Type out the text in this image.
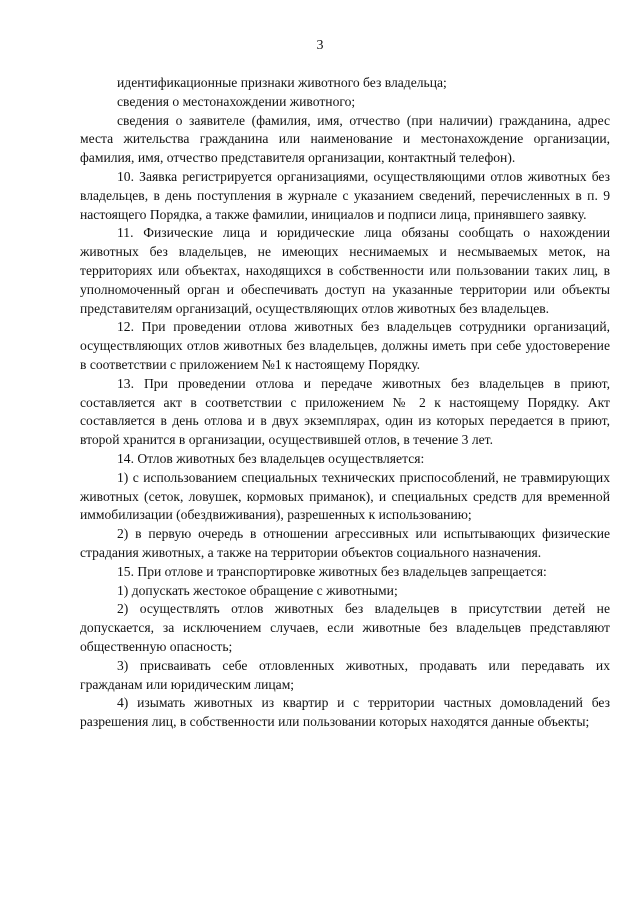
3

идентификационные признаки животного без владельца;

сведения о местонахождении животного;

сведения о заявителе (фамилия, имя, отчество (при наличии) гражданина, адрес места жительства гражданина или наименование и местонахождение организации, фамилия, имя, отчество представителя организации, контактный телефон).

10. Заявка регистрируется организациями, осуществляющими отлов животных без владельцев, в день поступления в журнале с указанием сведений, перечисленных в п. 9 настоящего Порядка, а также фамилии, инициалов и подписи лица, принявшего заявку.

11. Физические лица и юридические лица обязаны сообщать о нахождении животных без владельцев, не имеющих неснимаемых и несмываемых меток, на территориях или объектах, находящихся в собственности или пользовании таких лиц, в уполномоченный орган и обеспечивать доступ на указанные территории или объекты представителям организаций, осуществляющих отлов животных без владельцев.

12. При проведении отлова животных без владельцев сотрудники организаций, осуществляющих отлов животных без владельцев, должны иметь при себе удостоверение в соответствии с приложением №1 к настоящему Порядку.

13. При проведении отлова и передаче животных без владельцев в приют, составляется акт в соответствии с приложением № 2 к настоящему Порядку. Акт составляется в день отлова и в двух экземплярах, один из которых передается в приют, второй хранится в организации, осуществившей отлов, в течение 3 лет.

14. Отлов животных без владельцев осуществляется:

1) с использованием специальных технических приспособлений, не травмирующих животных (сеток, ловушек, кормовых приманок), и специальных средств для временной иммобилизации (обездвиживания), разрешенных к использованию;

2) в первую очередь в отношении агрессивных или испытывающих физические страдания животных, а также на территории объектов социального назначения.

15. При отлове и транспортировке животных без владельцев запрещается:

1) допускать жестокое обращение с животными;

2) осуществлять отлов животных без владельцев в присутствии детей не допускается, за исключением случаев, если животные без владельцев представляют общественную опасность;

3) присваивать себе отловленных животных, продавать или передавать их гражданам или юридическим лицам;

4) изымать животных из квартир и с территории частных домовладений без разрешения лиц, в собственности или пользовании которых находятся данные объекты;
